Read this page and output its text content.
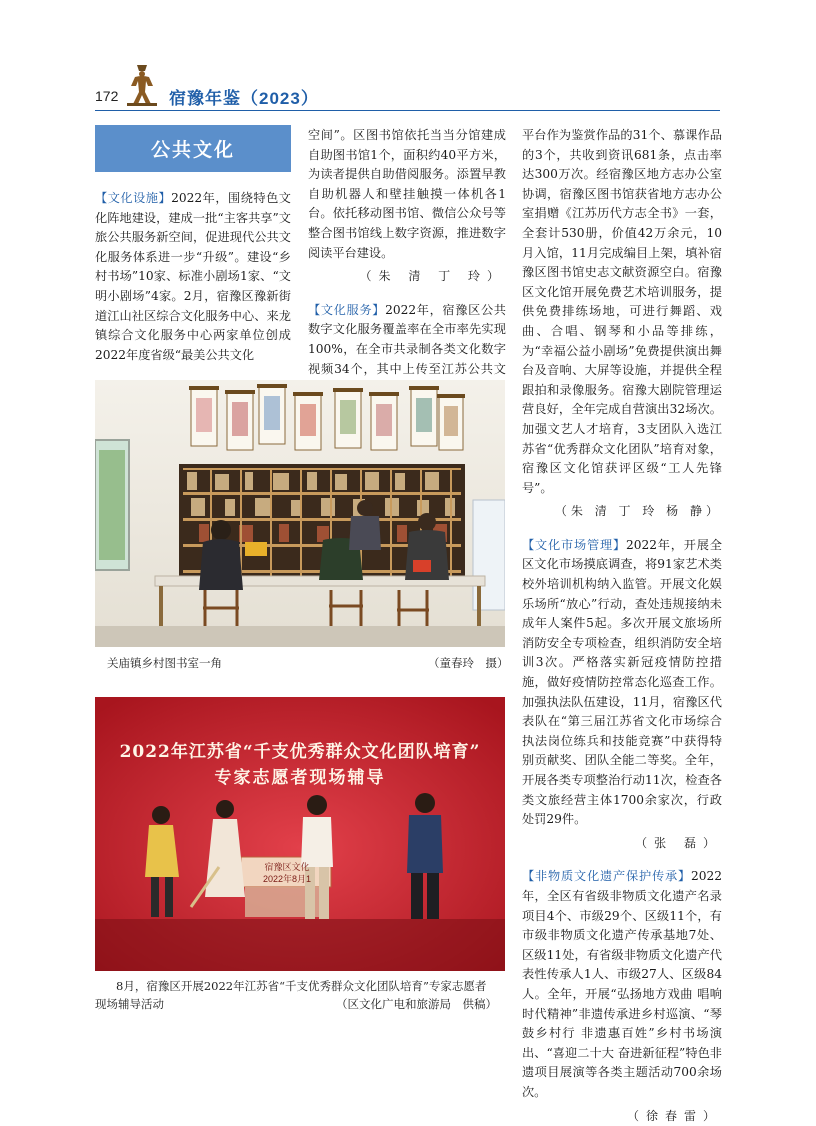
172	宿豫年鉴（2023）
公共文化

【文化设施】2022年，围绕特色文化阵地建设，建成一批“主客共享”文旅公共服务新空间，促进现代公共文化服务体系进一步“升级”。建设“乡村书场”10家、标准小剧场1家、“文明小剧场”4家。2月，宿豫区豫新街道江山社区综合文化服务中心、来龙镇综合文化服务中心两家单位创成2022年度省级“最美公共文化

空间”。区图书馆依托当当分馆建成自助图书馆1个，面积约40平方米，为读者提供自助借阅服务。添置早教自助机器人和壁挂触摸一体机各1台。依托移动图书馆、微信公众号等整合图书馆线上数字资源，推进数字阅读平台建设。

（朱 清 丁 玲）

【文化服务】2022年，宿豫区公共数字文化服务覆盖率在全市率先实现100%，在全市共录制各类文化数字视频34个，其中上传至江苏公共文

平台作为鉴赏作品的31个、慕课作品的3个，共收到资讯681条，点击率达300万次。经宿豫区地方志办公室协调，宿豫区图书馆获省地方志办公室捐赠《江苏历代方志全书》一套，全套计530册，价值42万余元，10月入馆，11月完成编目上架，填补宿豫区图书馆史志文献资源空白。宿豫区文化馆开展免费艺术培训服务，提供免费排练场地，可进行舞蹈、戏曲、合唱、钢琴和小品等排练，为“幸福公益小剧场”免费提供演出舞台及音响、大屏等设施，并提供全程跟拍和录像服务。宿豫大剧院管理运营良好，全年完成自营演出32场次。加强文艺人才培育，3支团队入选江苏省“优秀群众文化团队”培育对象，宿豫区文化馆获评区级“工人先锋号”。

（朱 清 丁 玲 杨 静）

【文化市场管理】2022年，开展全区文化市场摸底调查，将91家艺术类校外培训机构纳入监管。开展文化娱乐场所“放心”行动，查处违规接纳未成年人案件5起。多次开展文旅场所消防安全专项检查，组织消防安全培训3次。严格落实新冠疫情防控措施，做好疫情防控常态化巡查工作。加强执法队伍建设，11月，宿豫区代表队在“第三届江苏省文化市场综合执法岗位练兵和技能竞赛”中获得特别贡献奖、团队全能二等奖。全年，开展各类专项整治行动11次，检查各类文旅经营主体1700余家次，行政处罚29件。

（张 磊）

【非物质文化遗产保护传承】2022年，全区有省级非物质文化遗产名录项目4个、市级29个、区级11个，有市级非物质文化遗产传承基地7处、区级11处，有省级非物质文化遗产代表性传承人1人、市级27人、区级84人。全年，开展“弘扬地方戏曲 唱响时代精神”非遗传承进乡村巡演、“琴鼓乡村行 非遗惠百姓”乡村书场演出、“喜迎二十大 奋进新征程”特色非遗项目展演等各类主题活动700余场次。

（徐春雷）

关庙镇乡村图书室一角	（童春玲　摄）
2022年江苏省“千支优秀群众文化团队培育”
专家志愿者现场辅导
宿豫区文化
2022年8月1
8月，宿豫区开展2022年江苏省“千支优秀群众文化团队培育”专家志愿者
现场辅导活动	（区文化广电和旅游局　供稿）
